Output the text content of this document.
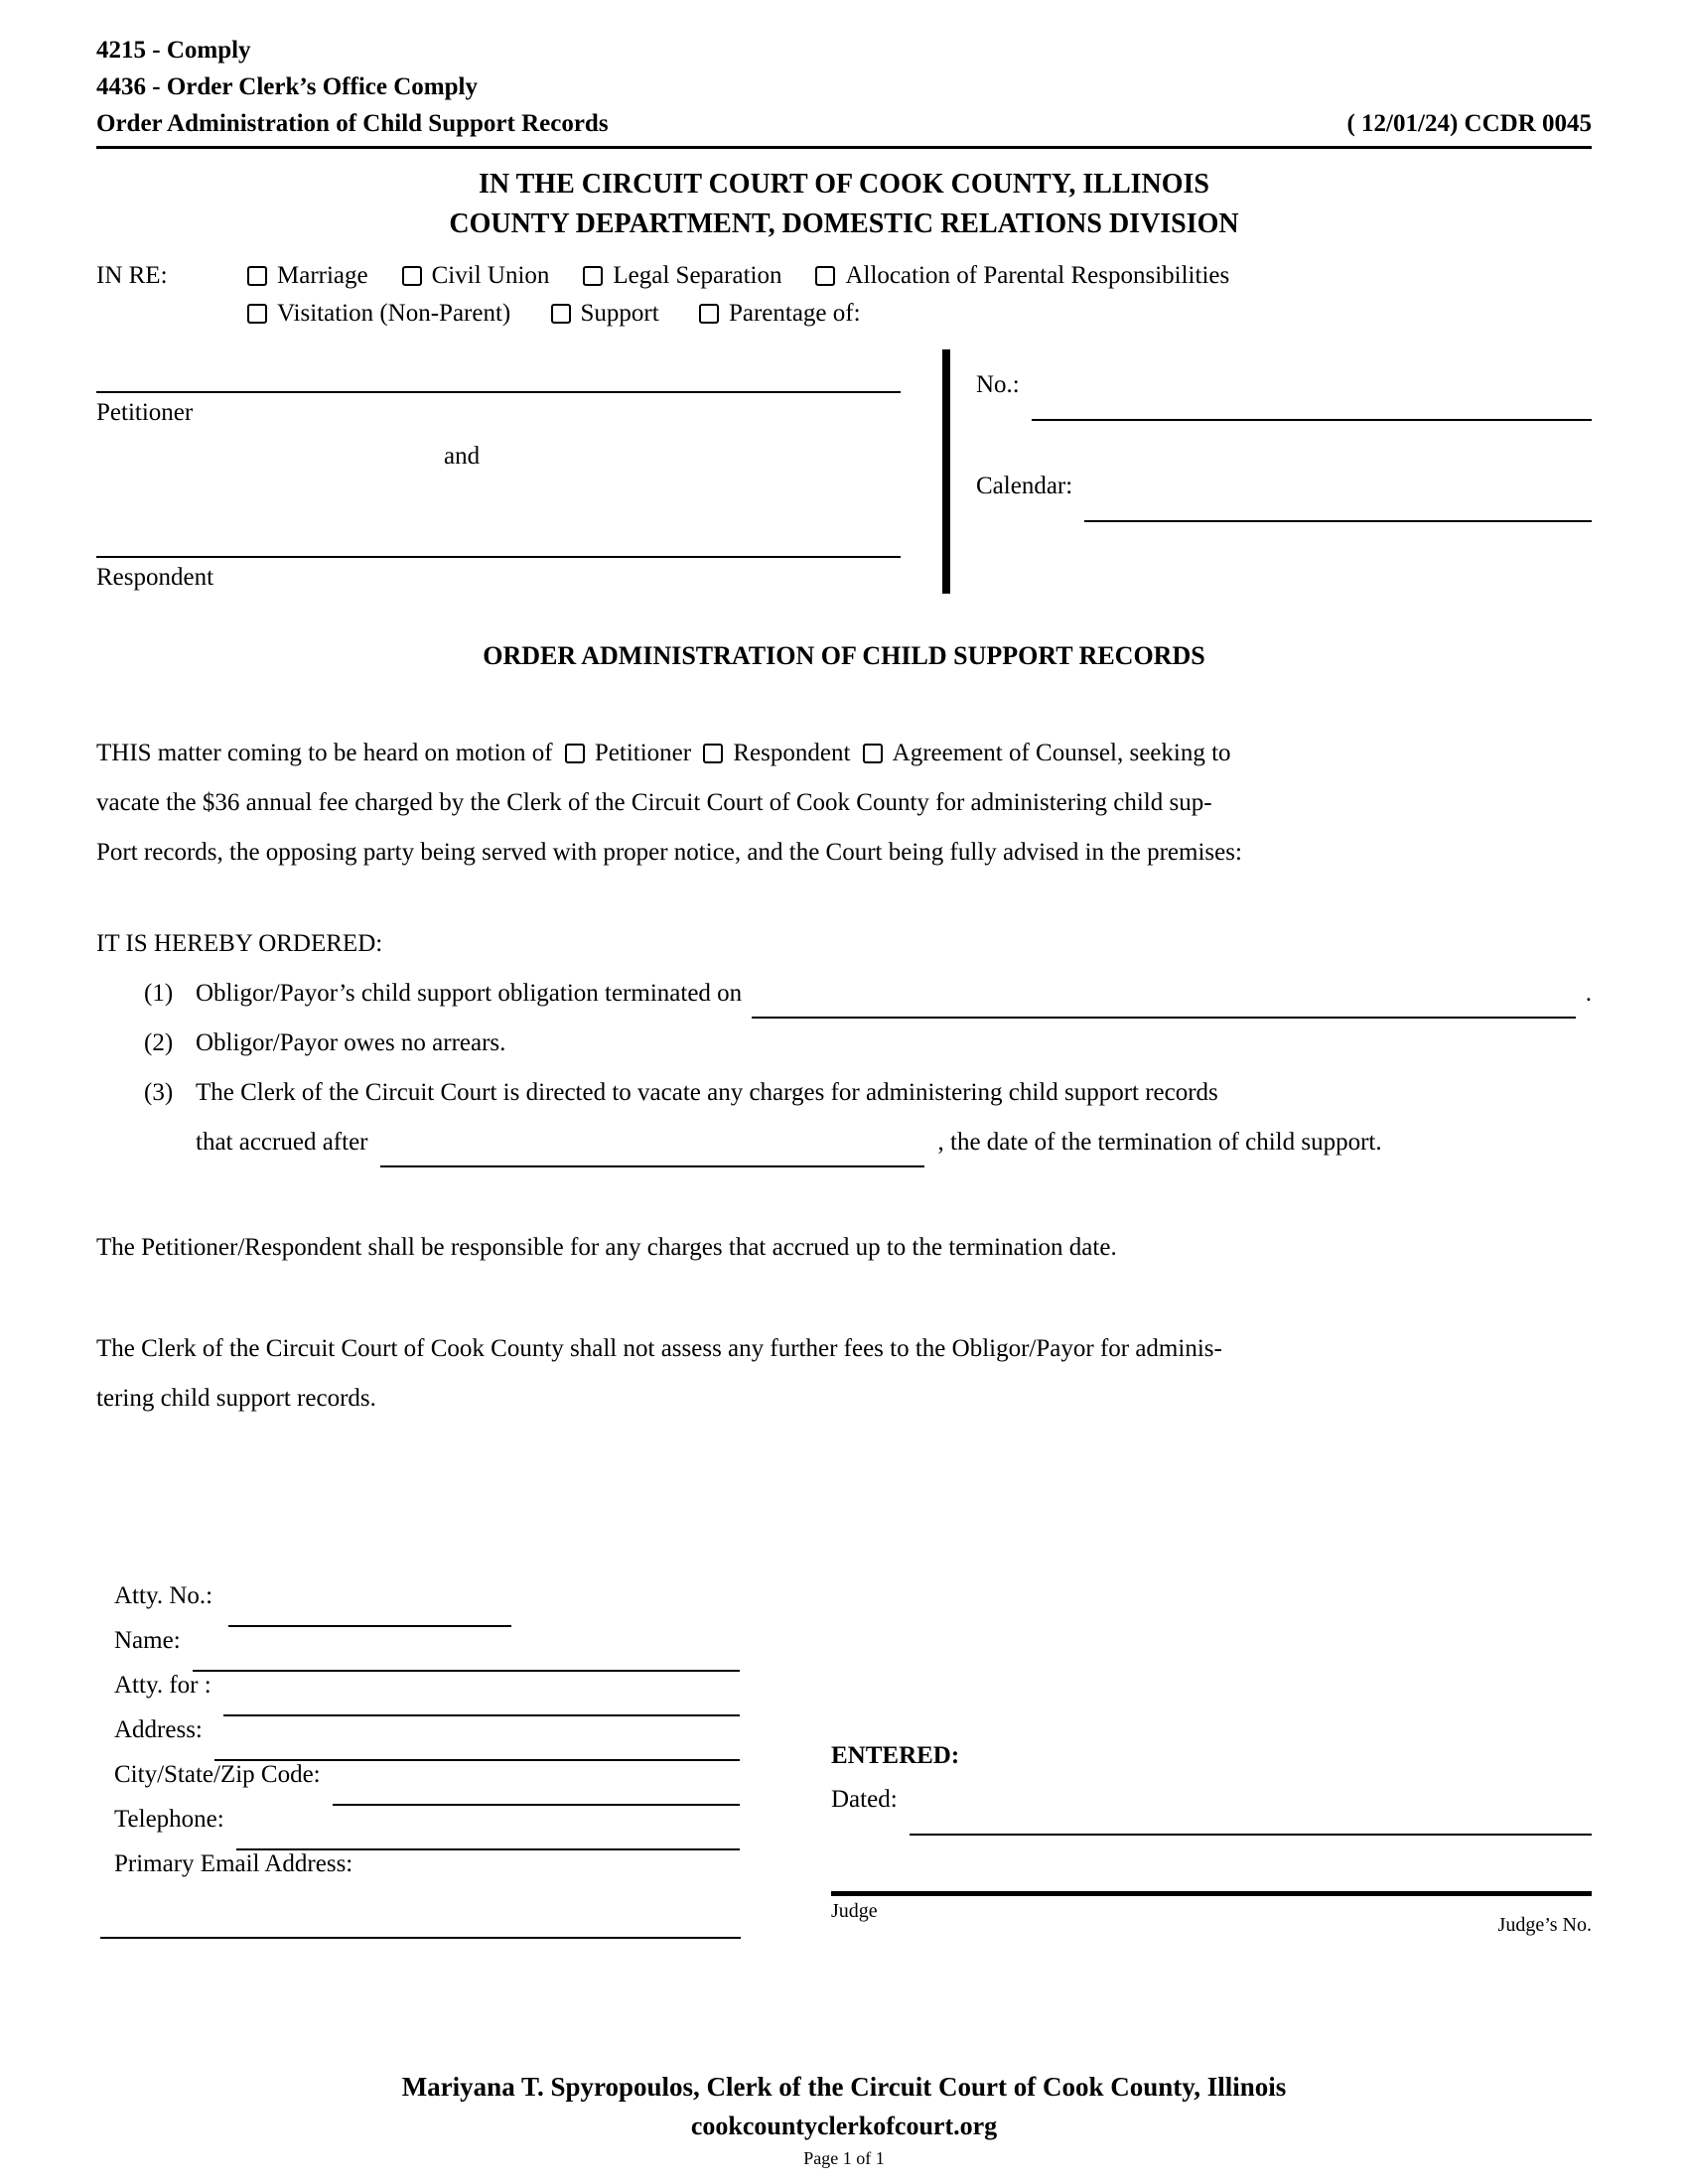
4215 - Comply
4436 - Order Clerk’s Office Comply
Order Administration of Child Support Records	( 12/01/24) CCDR 0045
IN THE CIRCUIT COURT OF COOK COUNTY, ILLINOIS
COUNTY DEPARTMENT, DOMESTIC RELATIONS DIVISION
IN RE:	Marriage	Civil Union	Legal Separation	Allocation of Parental Responsibilities
Visitation (Non-Parent)	Support	Parentage of:
Petitioner
and
Respondent
No.:
Calendar:
ORDER ADMINISTRATION OF CHILD SUPPORT RECORDS
THIS matter coming to be heard on motion of Petitioner Respondent Agreement of Counsel, seeking to
vacate the $36 annual fee charged by the Clerk of the Circuit Court of Cook County for administering child sup-
Port records, the opposing party being served with proper notice, and the Court being fully advised in the premises:
IT IS HEREBY ORDERED:
(1) Obligor/Payor’s child support obligation terminated on	.
(2) Obligor/Payor owes no arrears.
(3) The Clerk of the Circuit Court is directed to vacate any charges for administering child support records
that accrued after	, the date of the termination of child support.
The Petitioner/Respondent shall be responsible for any charges that accrued up to the termination date.
The Clerk of the Circuit Court of Cook County shall not assess any further fees to the Obligor/Payor for adminis-
tering child support records.
Atty. No.:
Name:
Atty. for :
Address:
City/State/Zip Code:
Telephone:
Primary Email Address:
ENTERED:
Dated:
Judge
Judge’s No.
Mariyana T. Spyropoulos, Clerk of the Circuit Court of Cook County, Illinois
cookcountyclerkofcourt.org
Page 1 of 1
